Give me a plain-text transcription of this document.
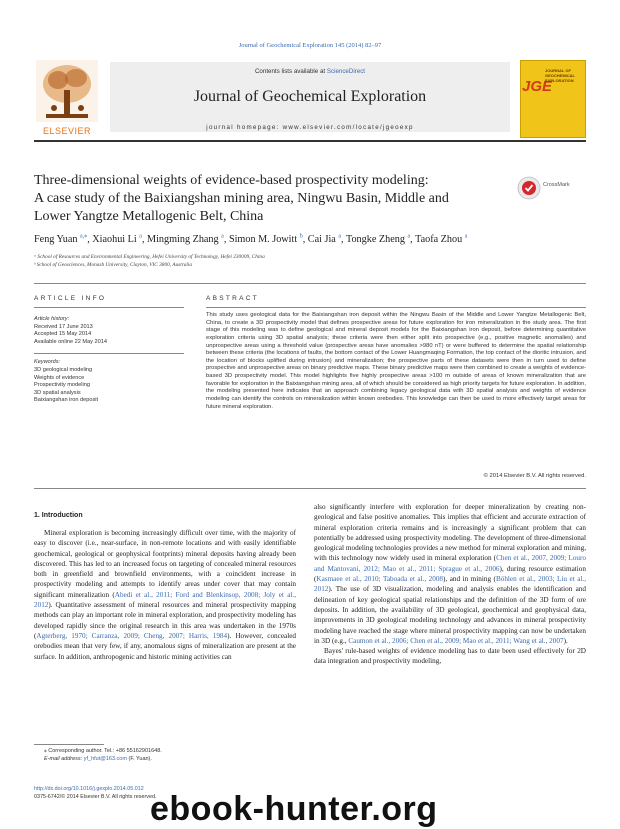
Journal of Geochemical Exploration 145 (2014) 82–97
Contents lists available at ScienceDirect
Journal of Geochemical Exploration
journal homepage: www.elsevier.com/locate/jgeoexp
ELSEVIER
JGE
JOURNAL OF GEOCHEMICAL EXPLORATION
Three-dimensional weights of evidence-based prospectivity modeling:
A case study of the Baixiangshan mining area, Ningwu Basin, Middle and
Lower Yangtze Metallogenic Belt, China
CrossMark
Feng Yuan $^{a,⁎}$, Xiaohui Li $^a$, Mingming Zhang $^a$, Simon M. Jowitt $^b$, Cai Jia $^a$, Tongke Zheng $^a$, Taofa Zhou $^a$
ᵃ School of Resources and Environmental Engineering, Hefei University of Technology, Hefei 230009, China
ᵇ School of Geosciences, Monash University, Clayton, VIC 3800, Australia
ARTICLE INFO
Article history:
Received 17 June 2013
Accepted 15 May 2014
Available online 22 May 2014
Keywords:
3D geological modeling
Weights of evidence
Prospectivity modeling
3D spatial analysis
Baixiangshan iron deposit
ABSTRACT
This study uses geological data for the Baixiangshan iron deposit within the Ningwu Basin of the Middle and Lower Yangtze Metallogenic Belt, China, to create a 3D prospectivity model that defines prospective areas for future exploration for iron mineralization in the study area. The first stage of this modeling was to define geological and mineral deposit models for the Baixiangshan iron deposit, before determining quantitative exploration criteria using 3D spatial analysis; these criteria were then either split into prospective (e.g., positive magnetic anomalies) and unprospective areas using a threshold value (prospective areas have anomalies >980 nT) or were buffered to determine the spatial relationship between these criteria (the locations of faults, the bottom contact of the Lower Huangmaqing Formation, the top contact of the dioritic intrusion, and the location of blocks uplifted during intrusion) and mineralization; the prospective parts of these datasets were then in turn used to define prospective and unprospective areas on binary predictive maps. These binary predictive maps were then combined to create a weights of evidence-based 3D prospectivity model. This model highlights five highly prospective areas >100 m outside of areas of known mineralization that are favorable for exploration in the Baixiangshan mining area, all of which should be considered as high priority targets for future exploration. In addition, the modeling presented here indicates that an approach combining legacy geological data with 3D spatial analysis and weights of evidence modeling can identify the controls on mineralization within known orebodies. This knowledge can then be used to more effectively target areas for future mineral exploration.
© 2014 Elsevier B.V. All rights reserved.
1. Introduction
Mineral exploration is becoming increasingly difficult over time, with the majority of easy to discover (i.e., near-surface, in non-remote locations and with easily identifiable geochemical, geological or geophysical footprints) mineral deposits having already been discovered. This has led to an increased focus on targeting of concealed mineral resources both in greenfield and brownfield environments, with a coincident increase in prospectivity modeling and attempts to identify areas under cover that may contain significant mineralization (Abedi et al., 2011; Ford and Blenkinsop, 2008; Joly et al., 2012). Quantitative assessment of mineral resources and mineral prospectivity mapping methods can play an important role in mineral exploration, and prospectivity modeling has developed rapidly since the original research in this area was undertaken in the 1970s (Agterberg, 1970; Carranza, 2009; Cheng, 2007; Harris, 1984). However, concealed orebodies mean that very few, if any, anomalous signs of mineralization are present at the surface. In addition, anthropogenic and historic mining activities can
also significantly interfere with exploration for deeper mineralization by creating non-geological and false positive anomalies. This implies that efficient and accurate extraction of mineral exploration criteria remains and is increasingly a significant problem that can potentially be addressed using prospectivity modeling. The development of three-dimensional geological modeling technologies provides a new method for mineral exploration and mining, with this technology now widely used in mineral exploration (Chen et al., 2007, 2009; Louro and Mantovani, 2012; Mao et al., 2011; Sprague et al., 2006), during resource estimation (Kasmaee et al., 2010; Taboada et al., 2008), and in mining (Böhlen et al., 2003; Liu et al., 2012). The use of 3D visualization, modeling and analysis enables the identification and delineation of key geological spatial relationships and the definition of the 3D form of ore deposits. In addition, the availability of 3D geological, geochemical and geophysical data, improvements in 3D geological modeling technology and advances in mineral prospectivity modeling have reached the stage where mineral prospectivity mapping can now be undertaken in 3D (e.g., Caumon et al., 2006; Chen et al., 2009; Mao et al., 2011; Wang et al., 2007).
Bayes' rule-based weights of evidence modeling has to date been used effectively for 2D data integration and prospectivity modeling,
⁎ Corresponding author. Tel.: +86 55162901648.
E-mail address: yf_hfut@163.com (F. Yuan).
http://dx.doi.org/10.1016/j.gexplo.2014.05.012
0375-6742/© 2014 Elsevier B.V. All rights reserved.
ebook-hunter.org
